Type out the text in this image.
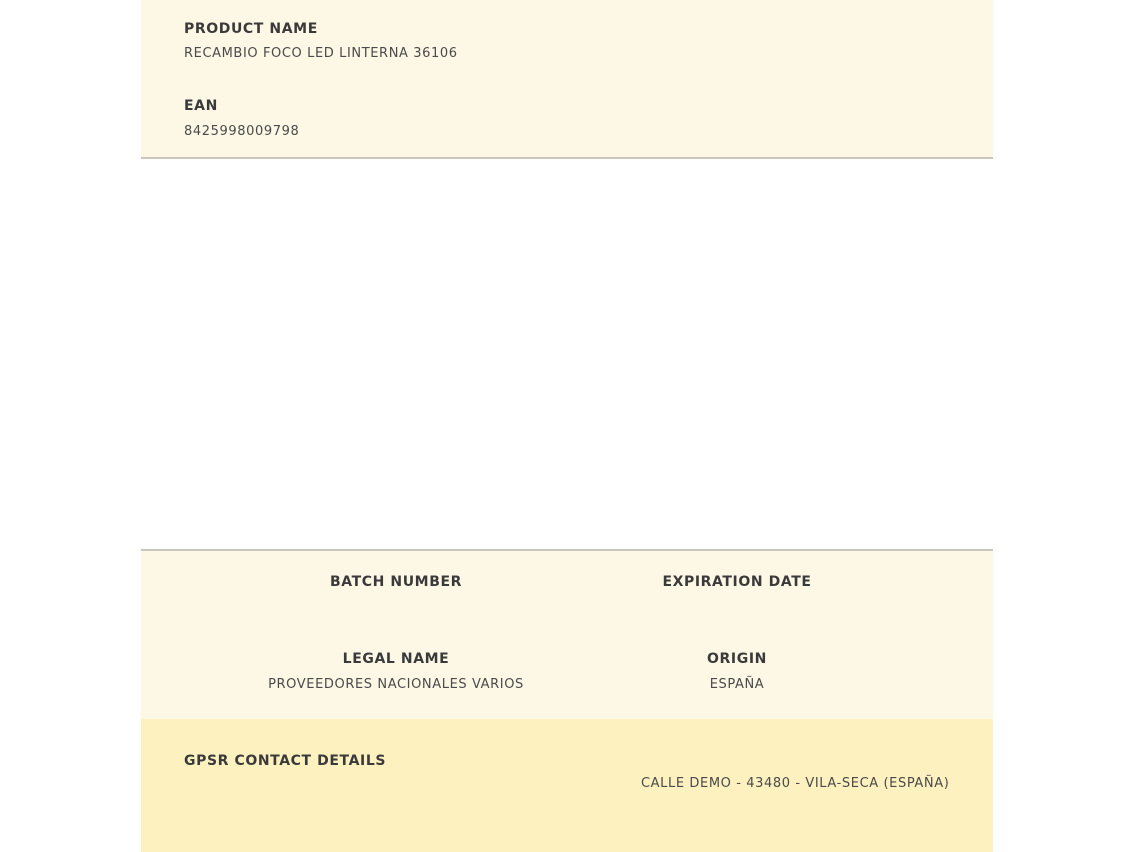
PRODUCT NAME
RECAMBIO FOCO LED LINTERNA 36106
EAN
8425998009798
BATCH NUMBER	EXPIRATION DATE
LEGAL NAME
PROVEEDORES NACIONALES VARIOS
ORIGIN
ESPAÑA
GPSR CONTACT DETAILS
CALLE DEMO - 43480 - VILA-SECA (ESPAÑA)
